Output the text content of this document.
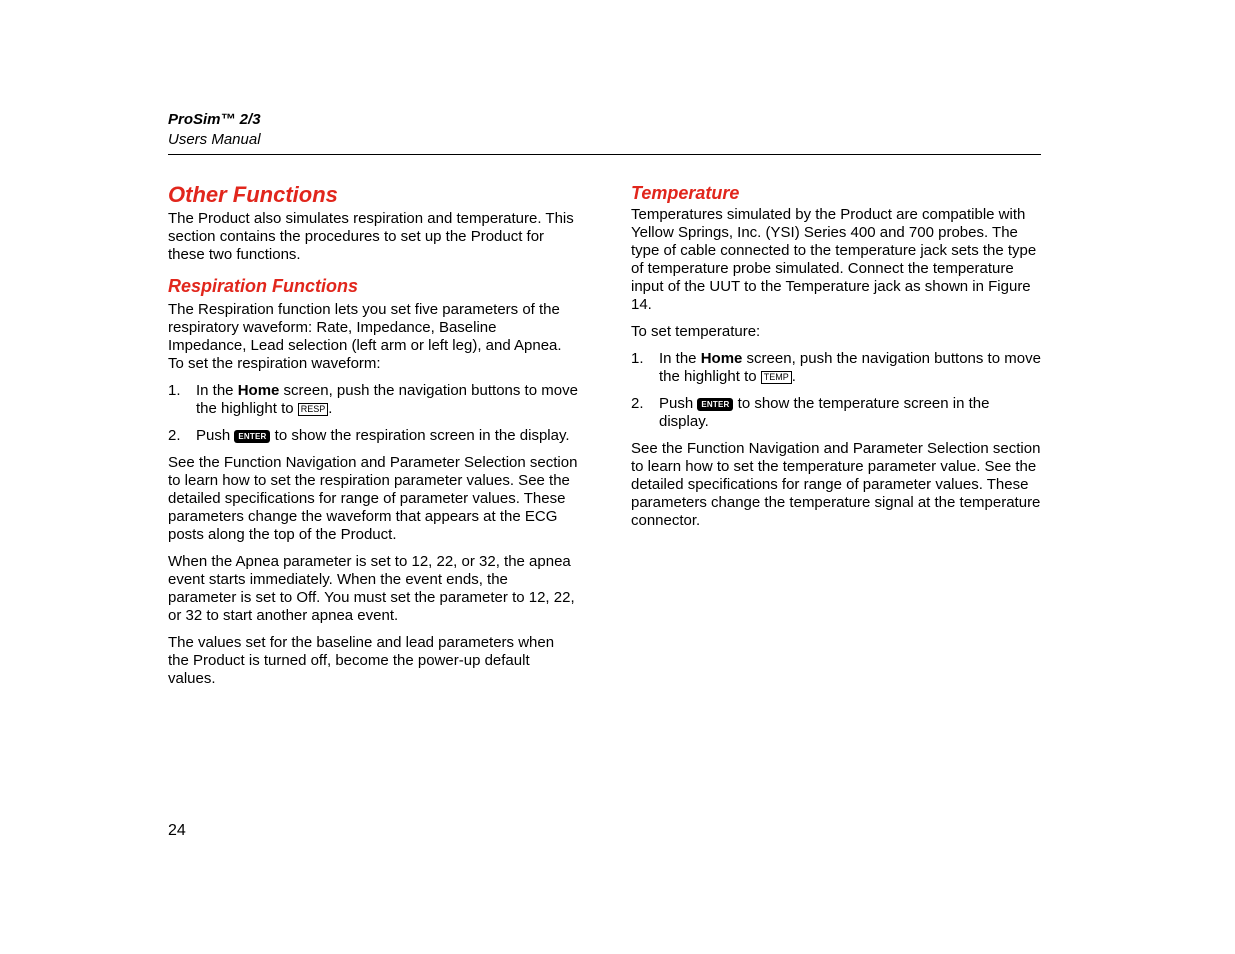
ProSim™ 2/3
Users Manual
Other Functions

The Product also simulates respiration and temperature. This section contains the procedures to set up the Product for these two functions.

Respiration Functions

The Respiration function lets you set five parameters of the respiratory waveform: Rate, Impedance, Baseline Impedance, Lead selection (left arm or left leg), and Apnea. To set the respiration waveform:

1.	In the Home screen, push the navigation buttons to move the highlight to RESP .
2.	Push ENTER to show the respiration screen in the display.

See the Function Navigation and Parameter Selection section to learn how to set the respiration parameter values. See the detailed specifications for range of parameter values. These parameters change the waveform that appears at the ECG posts along the top of the Product.

When the Apnea parameter is set to 12, 22, or 32, the apnea event starts immediately. When the event ends, the parameter is set to Off. You must set the parameter to 12, 22, or 32 to start another apnea event.

The values set for the baseline and lead parameters when the Product is turned off, become the power-up default values.

Temperature

Temperatures simulated by the Product are compatible with Yellow Springs, Inc. (YSI) Series 400 and 700 probes. The type of cable connected to the temperature jack sets the type of temperature probe simulated. Connect the temperature input of the UUT to the Temperature jack as shown in Figure 14.

To set temperature:

1.	In the Home screen, push the navigation buttons to move the highlight to TEMP .
2.	Push ENTER to show the temperature screen in the display.

See the Function Navigation and Parameter Selection section to learn how to set the temperature parameter value. See the detailed specifications for range of parameter values. These parameters change the temperature signal at the temperature connector.

24
